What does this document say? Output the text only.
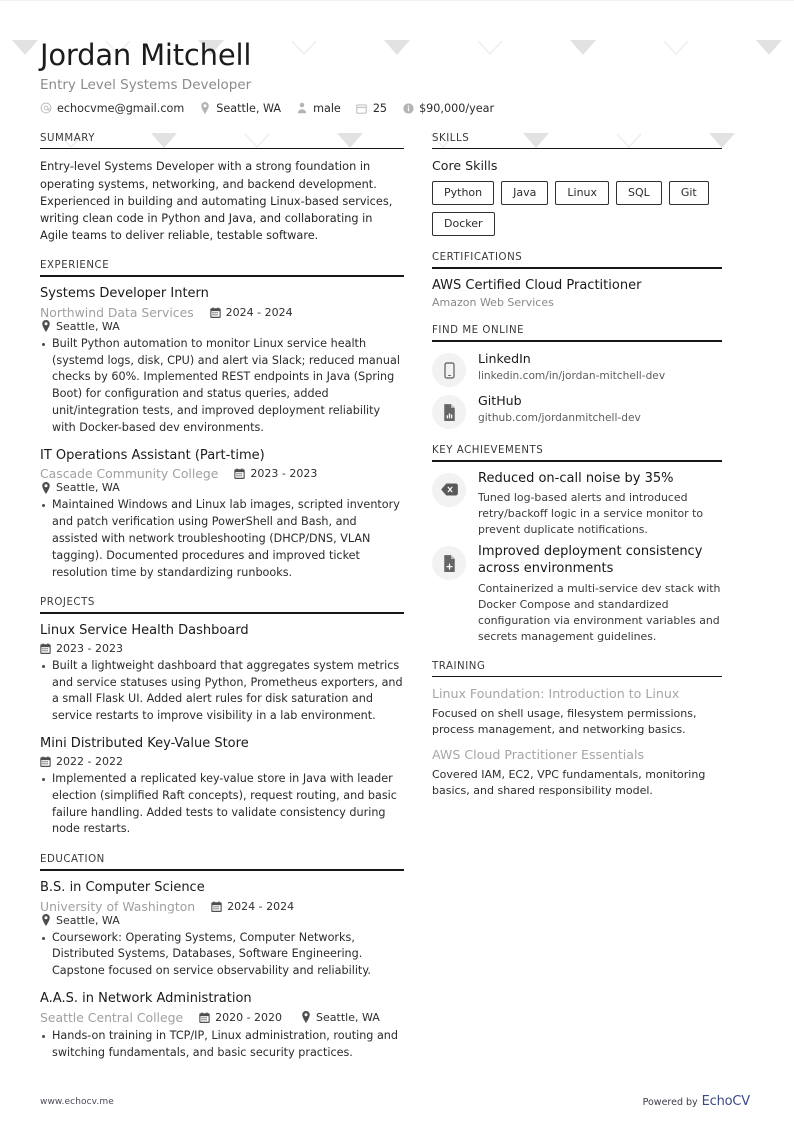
Jordan Mitchell
Entry Level Systems Developer
echocvme@gmail.com	Seattle, WA	male	25	$90,000/year
SUMMARY
Entry-level Systems Developer with a strong foundation in operating systems, networking, and backend development. Experienced in building and automating Linux-based services, writing clean code in Python and Java, and collaborating in Agile teams to deliver reliable, testable software.
EXPERIENCE
Systems Developer Intern
Northwind Data Services	2024 - 2024
Seattle, WA
Built Python automation to monitor Linux service health (systemd logs, disk, CPU) and alert via Slack; reduced manual checks by 60%. Implemented REST endpoints in Java (Spring Boot) for configuration and status queries, added unit/integration tests, and improved deployment reliability with Docker-based dev environments.
IT Operations Assistant (Part-time)
Cascade Community College	2023 - 2023
Seattle, WA
Maintained Windows and Linux lab images, scripted inventory and patch verification using PowerShell and Bash, and assisted with network troubleshooting (DHCP/DNS, VLAN tagging). Documented procedures and improved ticket resolution time by standardizing runbooks.
PROJECTS
Linux Service Health Dashboard
2023 - 2023
Built a lightweight dashboard that aggregates system metrics and service statuses using Python, Prometheus exporters, and a small Flask UI. Added alert rules for disk saturation and service restarts to improve visibility in a lab environment.
Mini Distributed Key-Value Store
2022 - 2022
Implemented a replicated key-value store in Java with leader election (simplified Raft concepts), request routing, and basic failure handling. Added tests to validate consistency during node restarts.
EDUCATION
B.S. in Computer Science
University of Washington	2024 - 2024
Seattle, WA
Coursework: Operating Systems, Computer Networks, Distributed Systems, Databases, Software Engineering. Capstone focused on service observability and reliability.
A.A.S. in Network Administration
Seattle Central College	2020 - 2020	Seattle, WA
Hands-on training in TCP/IP, Linux administration, routing and switching fundamentals, and basic security practices.
SKILLS
Core Skills
Python	Java	Linux	SQL	Git
Docker
CERTIFICATIONS
AWS Certified Cloud Practitioner
Amazon Web Services
FIND ME ONLINE
LinkedIn
linkedin.com/in/jordan-mitchell-dev
GitHub
github.com/jordanmitchell-dev
KEY ACHIEVEMENTS
Reduced on-call noise by 35%
Tuned log-based alerts and introduced retry/backoff logic in a service monitor to prevent duplicate notifications.
Improved deployment consistency across environments
Containerized a multi-service dev stack with Docker Compose and standardized configuration via environment variables and secrets management guidelines.
TRAINING
Linux Foundation: Introduction to Linux
Focused on shell usage, filesystem permissions, process management, and networking basics.
AWS Cloud Practitioner Essentials
Covered IAM, EC2, VPC fundamentals, monitoring basics, and shared responsibility model.
www.echocv.me	Powered by EchoCV
